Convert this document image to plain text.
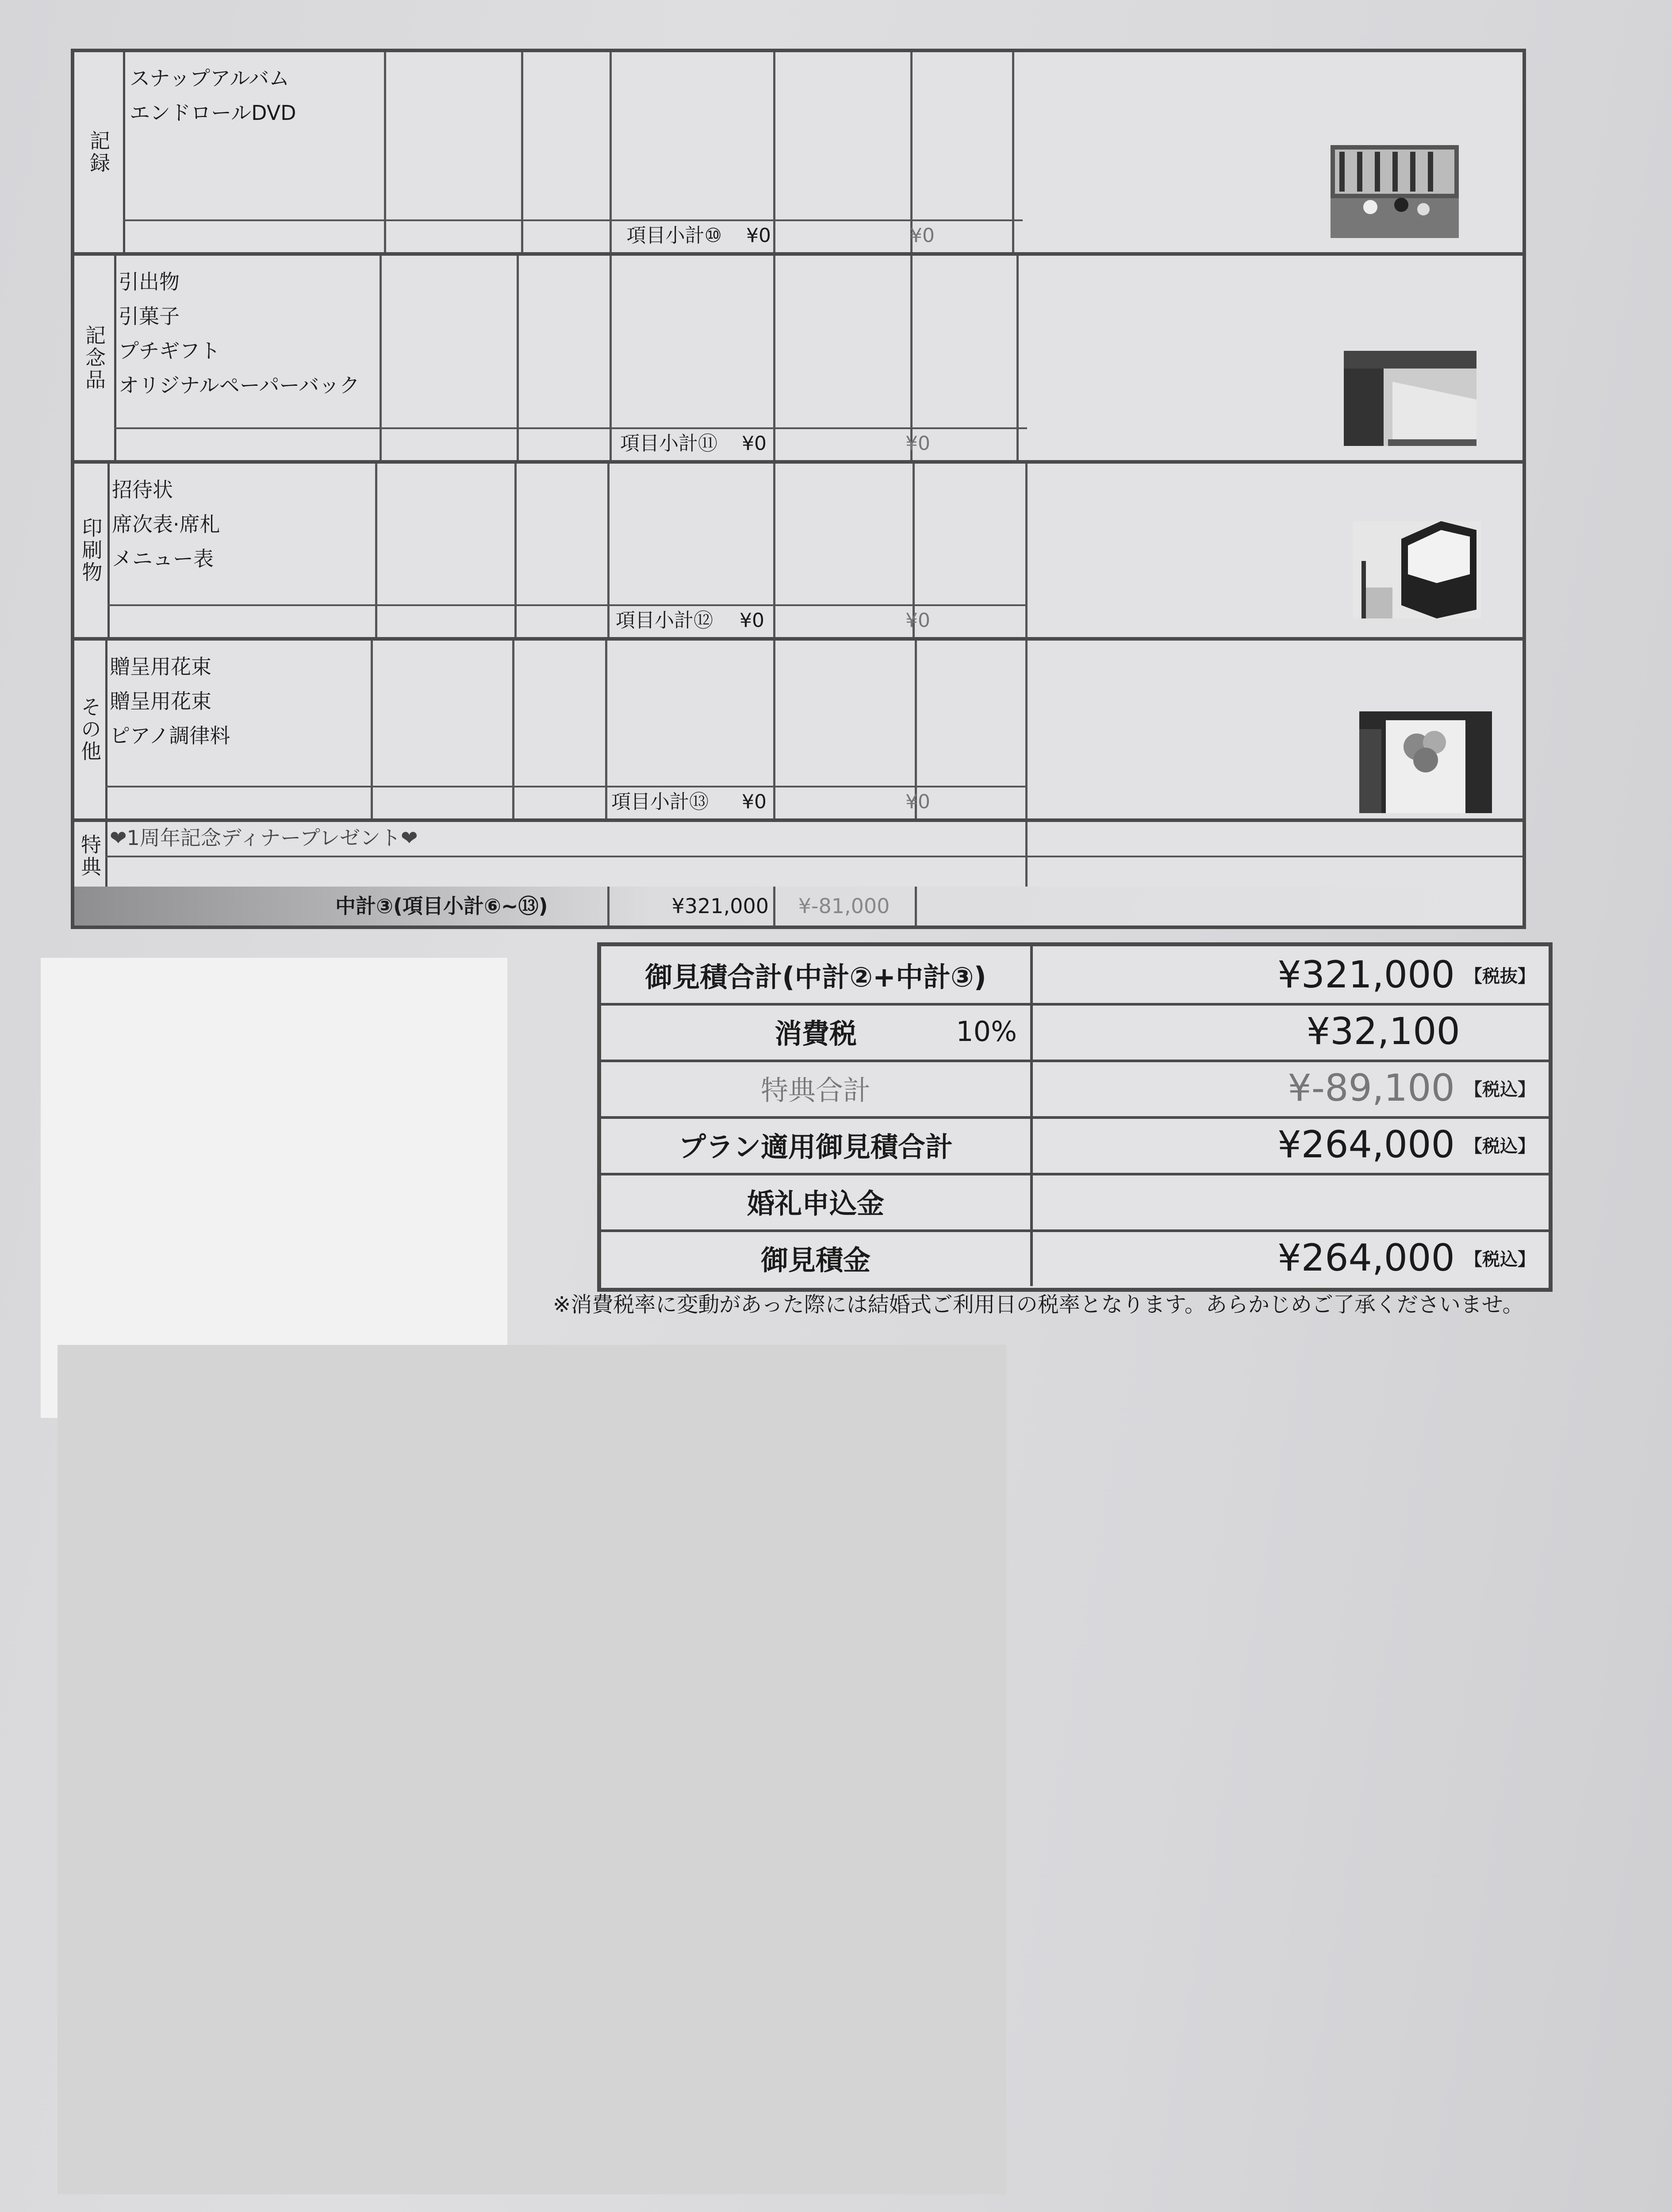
記録
スナップアルバム
エンドロールDVD
項目小計⑩	¥0	¥0
記念品
引出物
引菓子
プチギフト
オリジナルペーパーバック
項目小計⑪	¥0	¥0
印刷物
招待状
席次表·席札
メニュー表
項目小計⑫	¥0	¥0
その他
贈呈用花束
贈呈用花束
ピアノ調律料
項目小計⑬	¥0	¥0
特典 ❤1周年記念ディナープレゼント❤
中計③(項目小計⑥~⑬)	¥321,000	¥-81,000
御見積合計(中計②+中計③)	¥321,000 【税抜】
消費税	10%	¥32,100
特典合計	¥-89,100 【税込】
プラン適用御見積合計	¥264,000 【税込】
婚礼申込金
御見積金	¥264,000 【税込】
※消費税率に変動があった際には結婚式ご利用日の税率となります。あらかじめご了承くださいませ。
